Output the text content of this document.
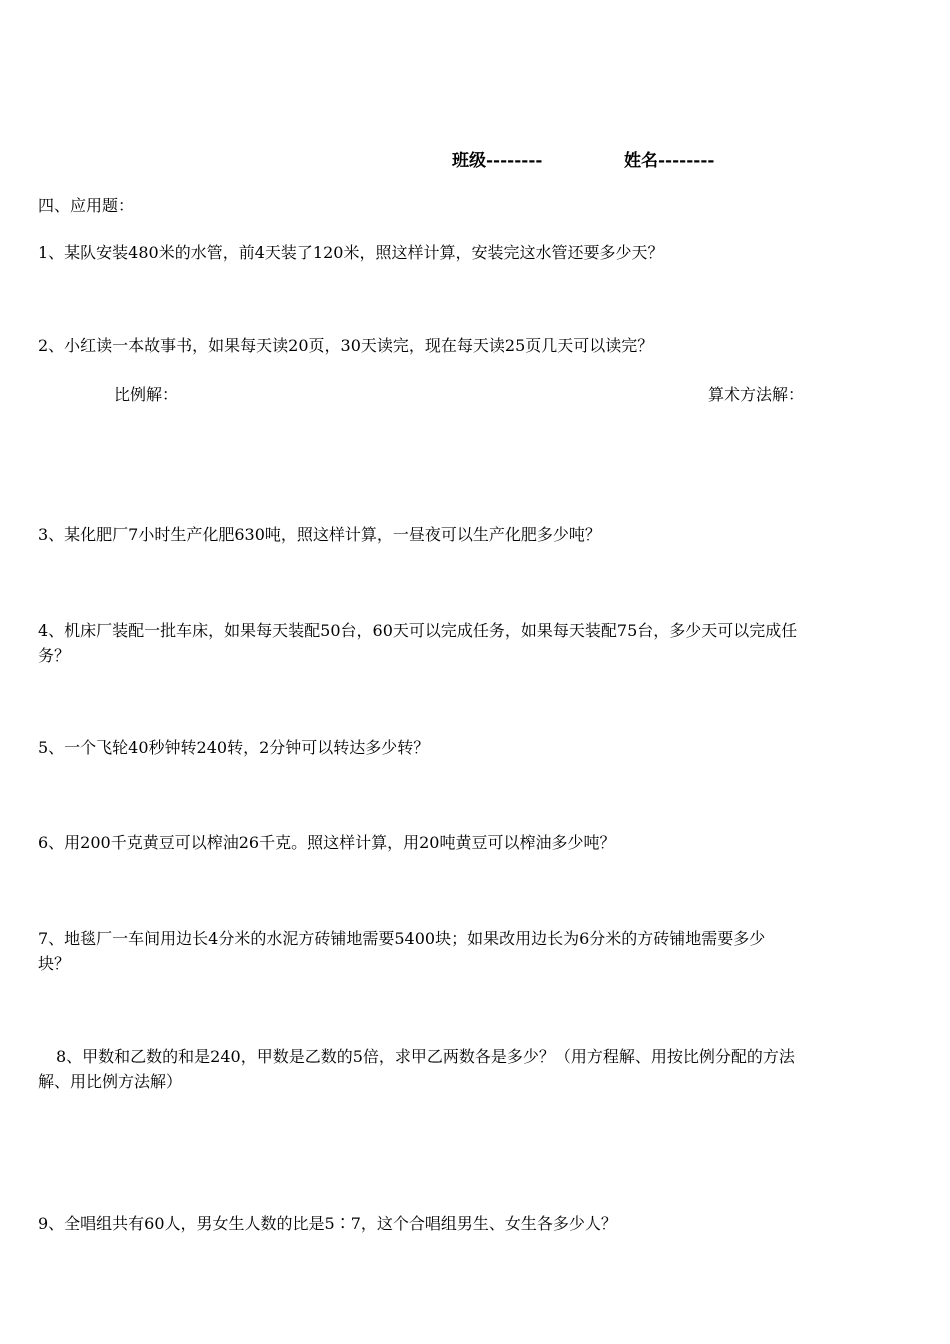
班级--------	姓名--------
四、应用题：
1、某队安装480米的水管，前4天装了120米，照这样计算，安装完这水管还要多少天？
2、小红读一本故事书，如果每天读20页，30天读完，现在每天读25页几天可以读完？
比例解：	算术方法解：
3、某化肥厂7小时生产化肥630吨，照这样计算，一昼夜可以生产化肥多少吨？
4、机床厂装配一批车床，如果每天装配50台，60天可以完成任务，如果每天装配75台，多少天可以完成任
务？
5、一个飞轮40秒钟转240转，2分钟可以转达多少转？
6、用200千克黄豆可以榨油26千克。照这样计算，用20吨黄豆可以榨油多少吨？
7、地毯厂一车间用边长4分米的水泥方砖铺地需要5400块；如果改用边长为6分米的方砖铺地需要多少
块？
8、甲数和乙数的和是240，甲数是乙数的5倍，求甲乙两数各是多少？（用方程解、用按比例分配的方法
解、用比例方法解）
9、全唱组共有60人，男女生人数的比是5∶7，这个合唱组男生、女生各多少人？
